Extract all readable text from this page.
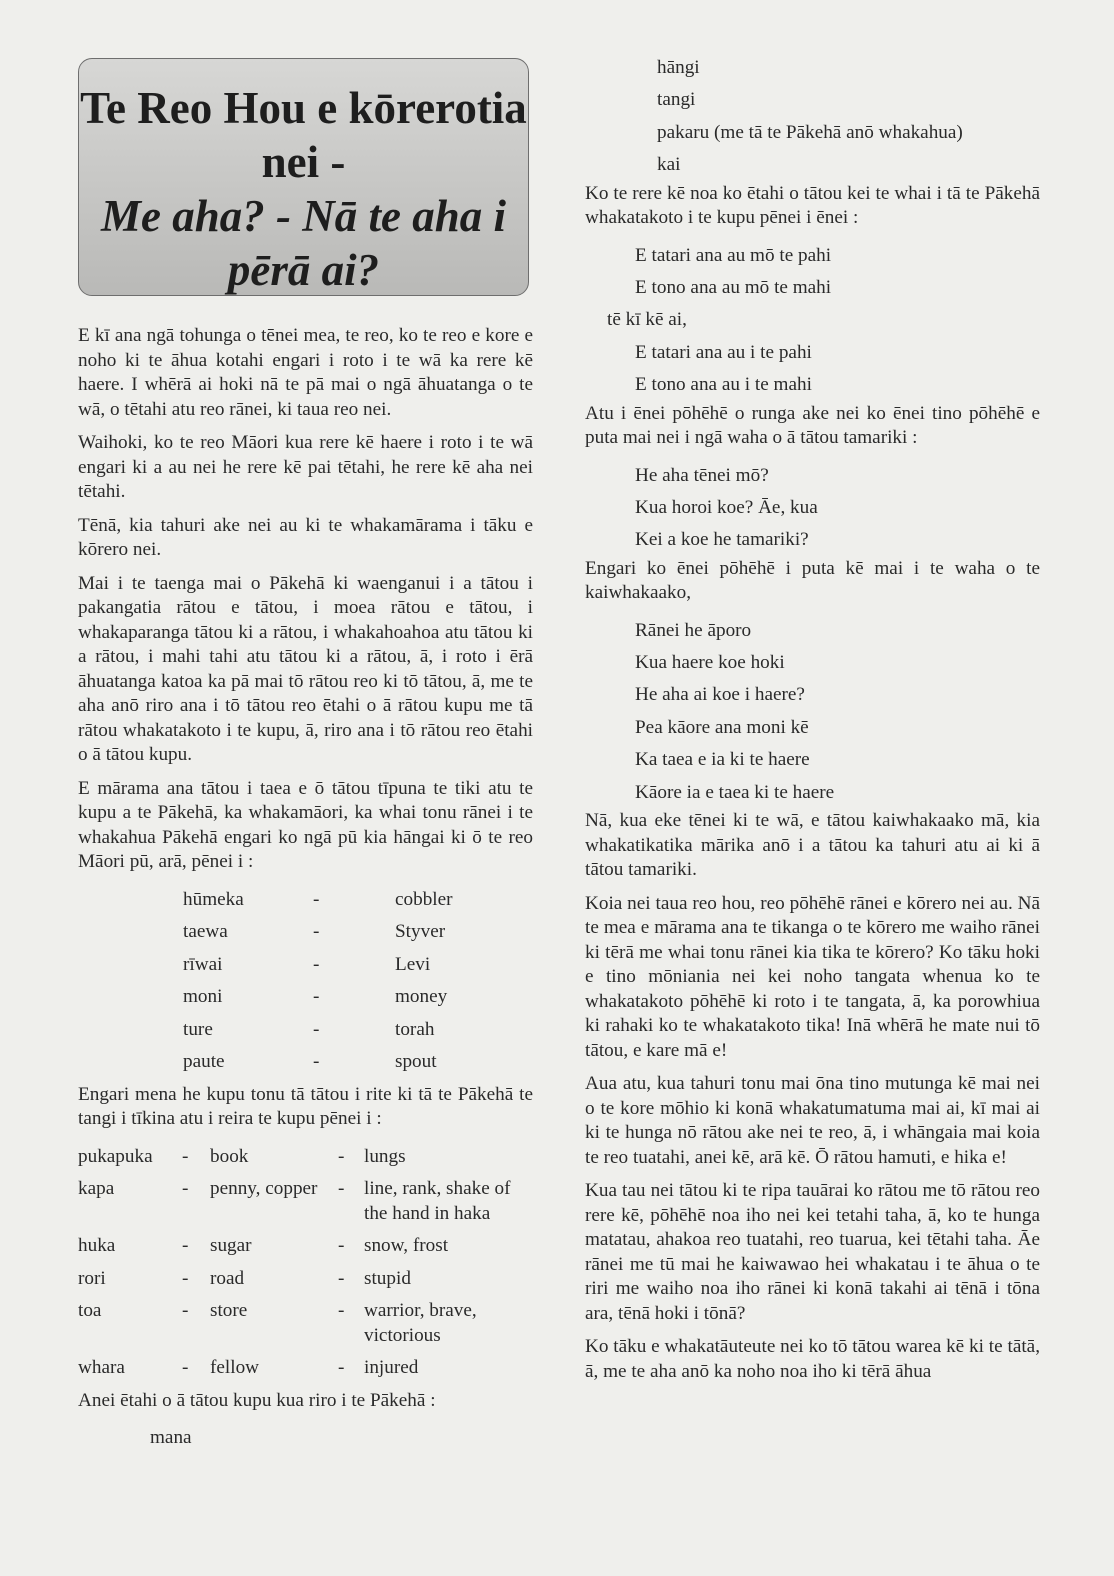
Te Reo Hou e kōrerotia
nei -
Me aha? - Nā te aha i
pērā ai?

E kī ana ngā tohunga o tēnei mea, te reo, ko te reo e kore e noho ki te āhua kotahi engari i roto i te wā ka rere kē haere. I whērā ai hoki nā te pā mai o ngā āhuatanga o te wā, o tētahi atu reo rānei, ki taua reo nei.

Waihoki, ko te reo Māori kua rere kē haere i roto i te wā engari ki a au nei he rere kē pai tētahi, he rere kē aha nei tētahi.

Tēnā, kia tahuri ake nei au ki te whakamārama i tāku e kōrero nei.

Mai i te taenga mai o Pākehā ki waenganui i a tātou i pakangatia rātou e tātou, i moea rātou e tātou, i whakaparanga tātou ki a rātou, i whakahoahoa atu tātou ki a rātou, i mahi tahi atu tātou ki a rātou, ā, i roto i ērā āhuatanga katoa ka pā mai tō rātou reo ki tō tātou, ā, me te aha anō riro ana i tō tātou reo ētahi o ā rātou kupu me tā rātou whakatakoto i te kupu, ā, riro ana i tō rātou reo ētahi o ā tātou kupu.

E mārama ana tātou i taea e ō tātou tīpuna te tiki atu te kupu a te Pākehā, ka whakamāori, ka whai tonu rānei i te whakahua Pākehā engari ko ngā pū kia hāngai ki ō te reo Māori pū, arā, pēnei i :

hūmeka	-	cobbler
taewa	-	Styver
rīwai	-	Levi
moni	-	money
ture	-	torah
paute	-	spout

Engari mena he kupu tonu tā tātou i rite ki tā te Pākehā te tangi i tīkina atu i reira te kupu pēnei i :

pukapuka	-	book	-	lungs
kapa	-	penny, copper	-	line, rank, shake of the hand in haka
huka	-	sugar	-	snow, frost
rori	-	road	-	stupid
toa	-	store	-	warrior, brave, victorious
whara	-	fellow	-	injured

Anei ētahi o ā tātou kupu kua riro i te Pākehā :

mana
hāngi
tangi
pakaru (me tā te Pākehā anō whakahua)
kai

Ko te rere kē noa ko ētahi o tātou kei te whai i tā te Pākehā whakatakoto i te kupu pēnei i ēnei :

E tatari ana au mō te pahi
E tono ana au mō te mahi
tē kī kē ai,
E tatari ana au i te pahi
E tono ana au i te mahi

Atu i ēnei pōhēhē o runga ake nei ko ēnei tino pōhēhē e puta mai nei i ngā waha o ā tātou tamariki :

He aha tēnei mō?
Kua horoi koe? Āe, kua
Kei a koe he tamariki?

Engari ko ēnei pōhēhē i puta kē mai i te waha o te kaiwhakaako,

Rānei he āporo
Kua haere koe hoki
He aha ai koe i haere?
Pea kāore ana moni kē
Ka taea e ia ki te haere
Kāore ia e taea ki te haere

Nā, kua eke tēnei ki te wā, e tātou kaiwhakaako mā, kia whakatikatika mārika anō i a tātou ka tahuri atu ai ki ā tātou tamariki.

Koia nei taua reo hou, reo pōhēhē rānei e kōrero nei au. Nā te mea e mārama ana te tikanga o te kōrero me waiho rānei ki tērā me whai tonu rānei kia tika te kōrero? Ko tāku hoki e tino mōniania nei kei noho tangata whenua ko te whakatakoto pōhēhē ki roto i te tangata, ā, ka porowhiua ki rahaki ko te whakatakoto tika! Inā whērā he mate nui tō tātou, e kare mā e!

Aua atu, kua tahuri tonu mai ōna tino mutunga kē mai nei o te kore mōhio ki konā whakatumatuma mai ai, kī mai ai ki te hunga nō rātou ake nei te reo, ā, i whāngaia mai koia te reo tuatahi, anei kē, arā kē. Ō rātou hamuti, e hika e!

Kua tau nei tātou ki te ripa tauārai ko rātou me tō rātou reo rere kē, pōhēhē noa iho nei kei tetahi taha, ā, ko te hunga matatau, ahakoa reo tuatahi, reo tuarua, kei tētahi taha. Āe rānei me tū mai he kaiwawao hei whakatau i te āhua o te riri me waiho noa iho rānei ki konā takahi ai tēnā i tōna ara, tēnā hoki i tōnā?

Ko tāku e whakatāuteute nei ko tō tātou warea kē ki te tātā, ā, me te aha anō ka noho noa iho ki tērā āhua
